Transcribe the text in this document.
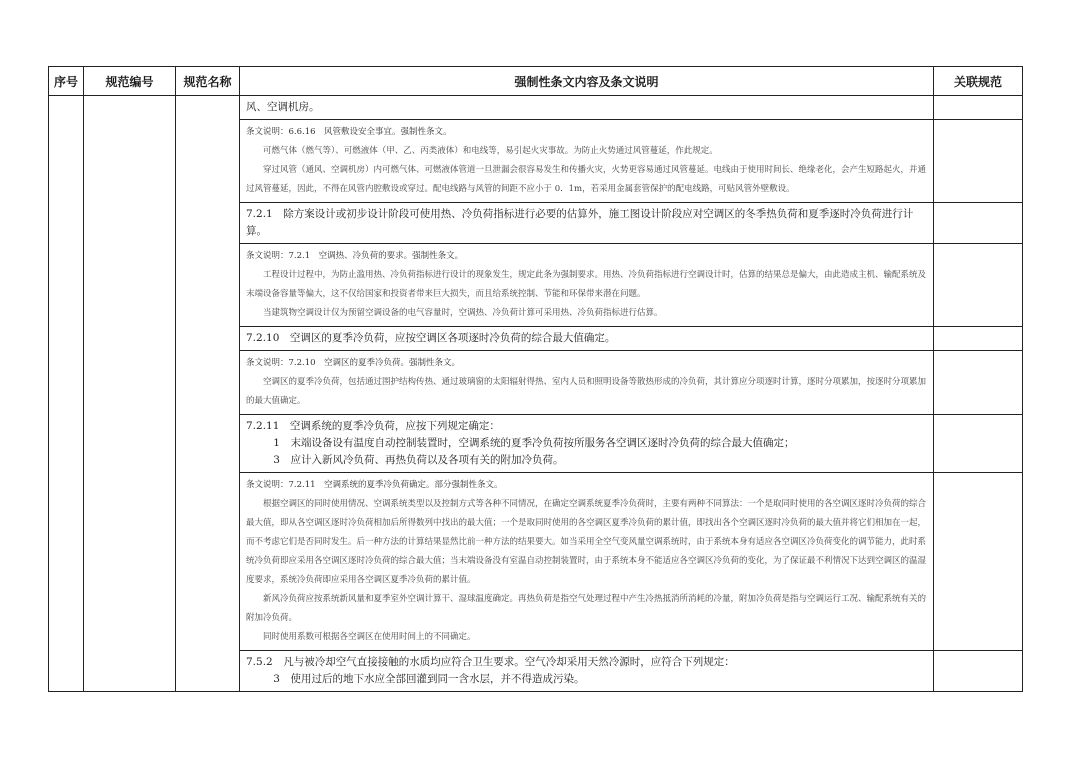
序号	规范编号	规范名称	强制性条文内容及条文说明	关联规范

			风、空调机房。	

			条文说明：6.6.16　风管敷设安全事宜。强制性条文。

可燃气体（燃气等）、可燃液体（甲、乙、丙类液体）和电线等，易引起火灾事故。为防止火势通过风管蔓延，作此规定。

穿过风管（通风、空调机房）内可燃气体、可燃液体管道一旦泄漏会很容易发生和传播火灾，火势更容易通过风管蔓延。电线由于使用时间长、绝缘老化，会产生短路起火，并通过风管蔓延，因此，不得在风管内腔敷设或穿过。配电线路与风管的间距不应小于 0．1m，若采用金属套管保护的配电线路，可贴风管外壁敷设。	

			7.2.1　除方案设计或初步设计阶段可使用热、冷负荷指标进行必要的估算外，施工图设计阶段应对空调区的冬季热负荷和夏季逐时冷负荷进行计算。	

			条文说明：7.2.1　空调热、冷负荷的要求。强制性条文。

工程设计过程中，为防止滥用热、冷负荷指标进行设计的现象发生，规定此条为强制要求。用热、冷负荷指标进行空调设计时，估算的结果总是偏大，由此造成主机、输配系统及末端设备容量等偏大，这不仅给国家和投资者带来巨大损失，而且给系统控制、节能和环保带来潜在问题。

当建筑物空调设计仅为预留空调设备的电气容量时，空调热、冷负荷计算可采用热、冷负荷指标进行估算。	

			7.2.10　空调区的夏季冷负荷，应按空调区各项逐时冷负荷的综合最大值确定。	

			条文说明：7.2.10　空调区的夏季冷负荷。强制性条文。

空调区的夏季冷负荷，包括通过围护结构传热、通过玻璃窗的太阳辐射得热、室内人员和照明设备等散热形成的冷负荷，其计算应分项逐时计算，逐时分项累加，按逐时分项累加的最大值确定。	

			7.2.11　空调系统的夏季冷负荷，应按下列规定确定：

1　末端设备设有温度自动控制装置时，空调系统的夏季冷负荷按所服务各空调区逐时冷负荷的综合最大值确定；

3　应计入新风冷负荷、再热负荷以及各项有关的附加冷负荷。	

			条文说明：7.2.11　空调系统的夏季冷负荷确定。部分强制性条文。

根据空调区的同时使用情况、空调系统类型以及控制方式等各种不同情况，在确定空调系统夏季冷负荷时，主要有两种不同算法：一个是取同时使用的各空调区逐时冷负荷的综合最大值，即从各空调区逐时冷负荷相加后所得数列中找出的最大值；一个是取同时使用的各空调区夏季冷负荷的累计值，即找出各个空调区逐时冷负荷的最大值并将它们相加在一起，而不考虑它们是否同时发生。后一种方法的计算结果显然比前一种方法的结果要大。如当采用全空气变风量空调系统时，由于系统本身有适应各空调区冷负荷变化的调节能力，此时系统冷负荷即应采用各空调区逐时冷负荷的综合最大值；当末端设备没有室温自动控制装置时，由于系统本身不能适应各空调区冷负荷的变化，为了保证最不利情况下达到空调区的温湿度要求，系统冷负荷即应采用各空调区夏季冷负荷的累计值。

新风冷负荷应按系统新风量和夏季室外空调计算干、湿球温度确定。再热负荷是指空气处理过程中产生冷热抵消所消耗的冷量，附加冷负荷是指与空调运行工况、输配系统有关的附加冷负荷。

同时使用系数可根据各空调区在使用时间上的不同确定。	

			7.5.2　凡与被冷却空气直接接触的水质均应符合卫生要求。空气冷却采用天然冷源时，应符合下列规定：

3　使用过后的地下水应全部回灌到同一含水层，并不得造成污染。	
